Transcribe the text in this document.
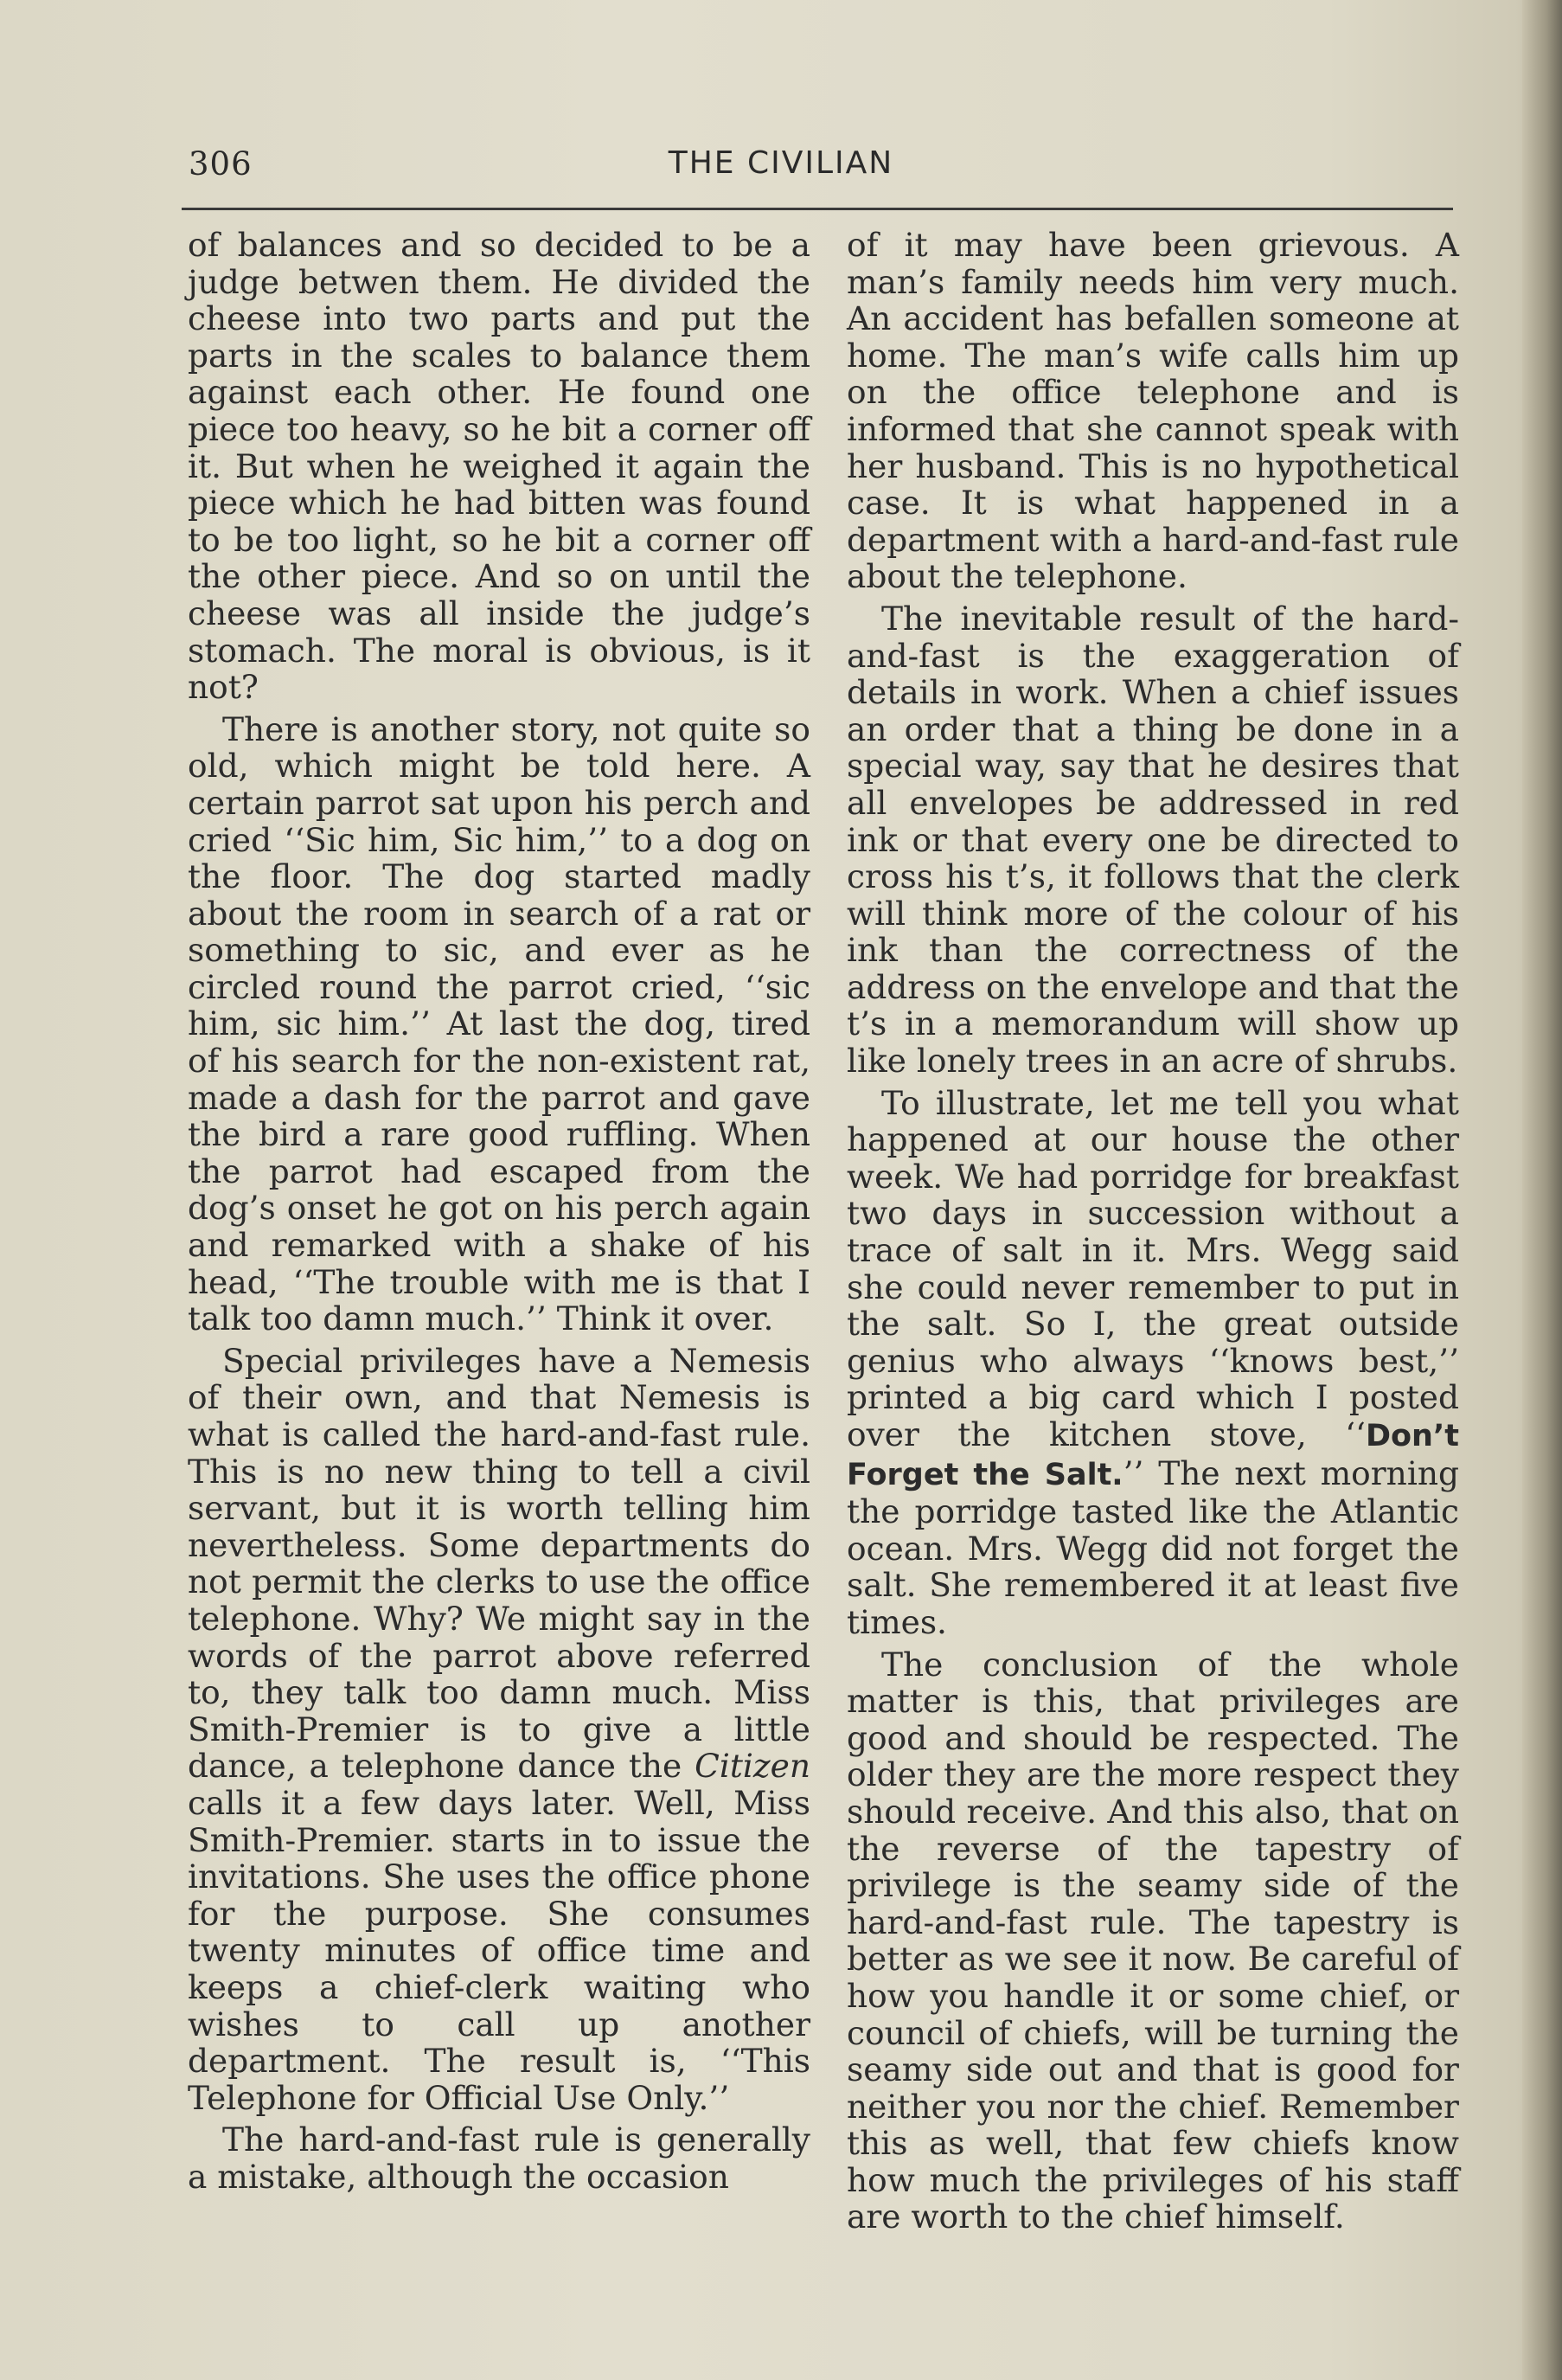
306	THE CIVILIAN

of balances and so decided to be a judge betwen them. He divided the cheese into two parts and put the parts in the scales to balance them against each other. He found one piece too heavy, so he bit a corner off it. But when he weighed it again the piece which he had bitten was found to be too light, so he bit a corner off the other piece. And so on until the cheese was all inside the judge’s stomach. The moral is obvious, is it not?

There is another story, not quite so old, which might be told here. A certain parrot sat upon his perch and cried ‘‘Sic him, Sic him,’’ to a dog on the floor. The dog started madly about the room in search of a rat or something to sic, and ever as he circled round the parrot cried, ‘‘sic him, sic him.’’ At last the dog, tired of his search for the non-existent rat, made a dash for the parrot and gave the bird a rare good ruffling. When the parrot had escaped from the dog’s onset he got on his perch again and remarked with a shake of his head, ‘‘The trouble with me is that I talk too damn much.’’ Think it over.

Special privileges have a Nemesis of their own, and that Nemesis is what is called the hard-and-fast rule. This is no new thing to tell a civil servant, but it is worth telling him nevertheless. Some departments do not permit the clerks to use the office telephone. Why? We might say in the words of the parrot above referred to, they talk too damn much. Miss Smith-Premier is to give a little dance, a telephone dance the Citizen calls it a few days later. Well, Miss Smith-Premier. starts in to issue the invitations. She uses the office phone for the purpose. She consumes twenty minutes of office time and keeps a chief-clerk waiting who wishes to call up another department. The result is, ‘‘This Telephone for Official Use Only.’’

The hard-and-fast rule is generally a mistake, although the occasion

of it may have been grievous. A man’s family needs him very much. An accident has befallen someone at home. The man’s wife calls him up on the office telephone and is informed that she cannot speak with her husband. This is no hypothetical case. It is what happened in a department with a hard-and-fast rule about the telephone.

The inevitable result of the hard-and-fast is the exaggeration of details in work. When a chief issues an order that a thing be done in a special way, say that he desires that all envelopes be addressed in red ink or that every one be directed to cross his t’s, it follows that the clerk will think more of the colour of his ink than the correctness of the address on the envelope and that the t’s in a memorandum will show up like lonely trees in an acre of shrubs.

To illustrate, let me tell you what happened at our house the other week. We had porridge for breakfast two days in succession without a trace of salt in it. Mrs. Wegg said she could never remember to put in the salt. So I, the great outside genius who always ‘‘knows best,’’ printed a big card which I posted over the kitchen stove, ‘‘Don’t Forget the Salt.’’ The next morning the porridge tasted like the Atlantic ocean. Mrs. Wegg did not forget the salt. She remembered it at least five times.

The conclusion of the whole matter is this, that privileges are good and should be respected. The older they are the more respect they should receive. And this also, that on the reverse of the tapestry of privilege is the seamy side of the hard-and-fast rule. The tapestry is better as we see it now. Be careful of how you handle it or some chief, or council of chiefs, will be turning the seamy side out and that is good for neither you nor the chief. Remember this as well, that few chiefs know how much the privileges of his staff are worth to the chief himself.
